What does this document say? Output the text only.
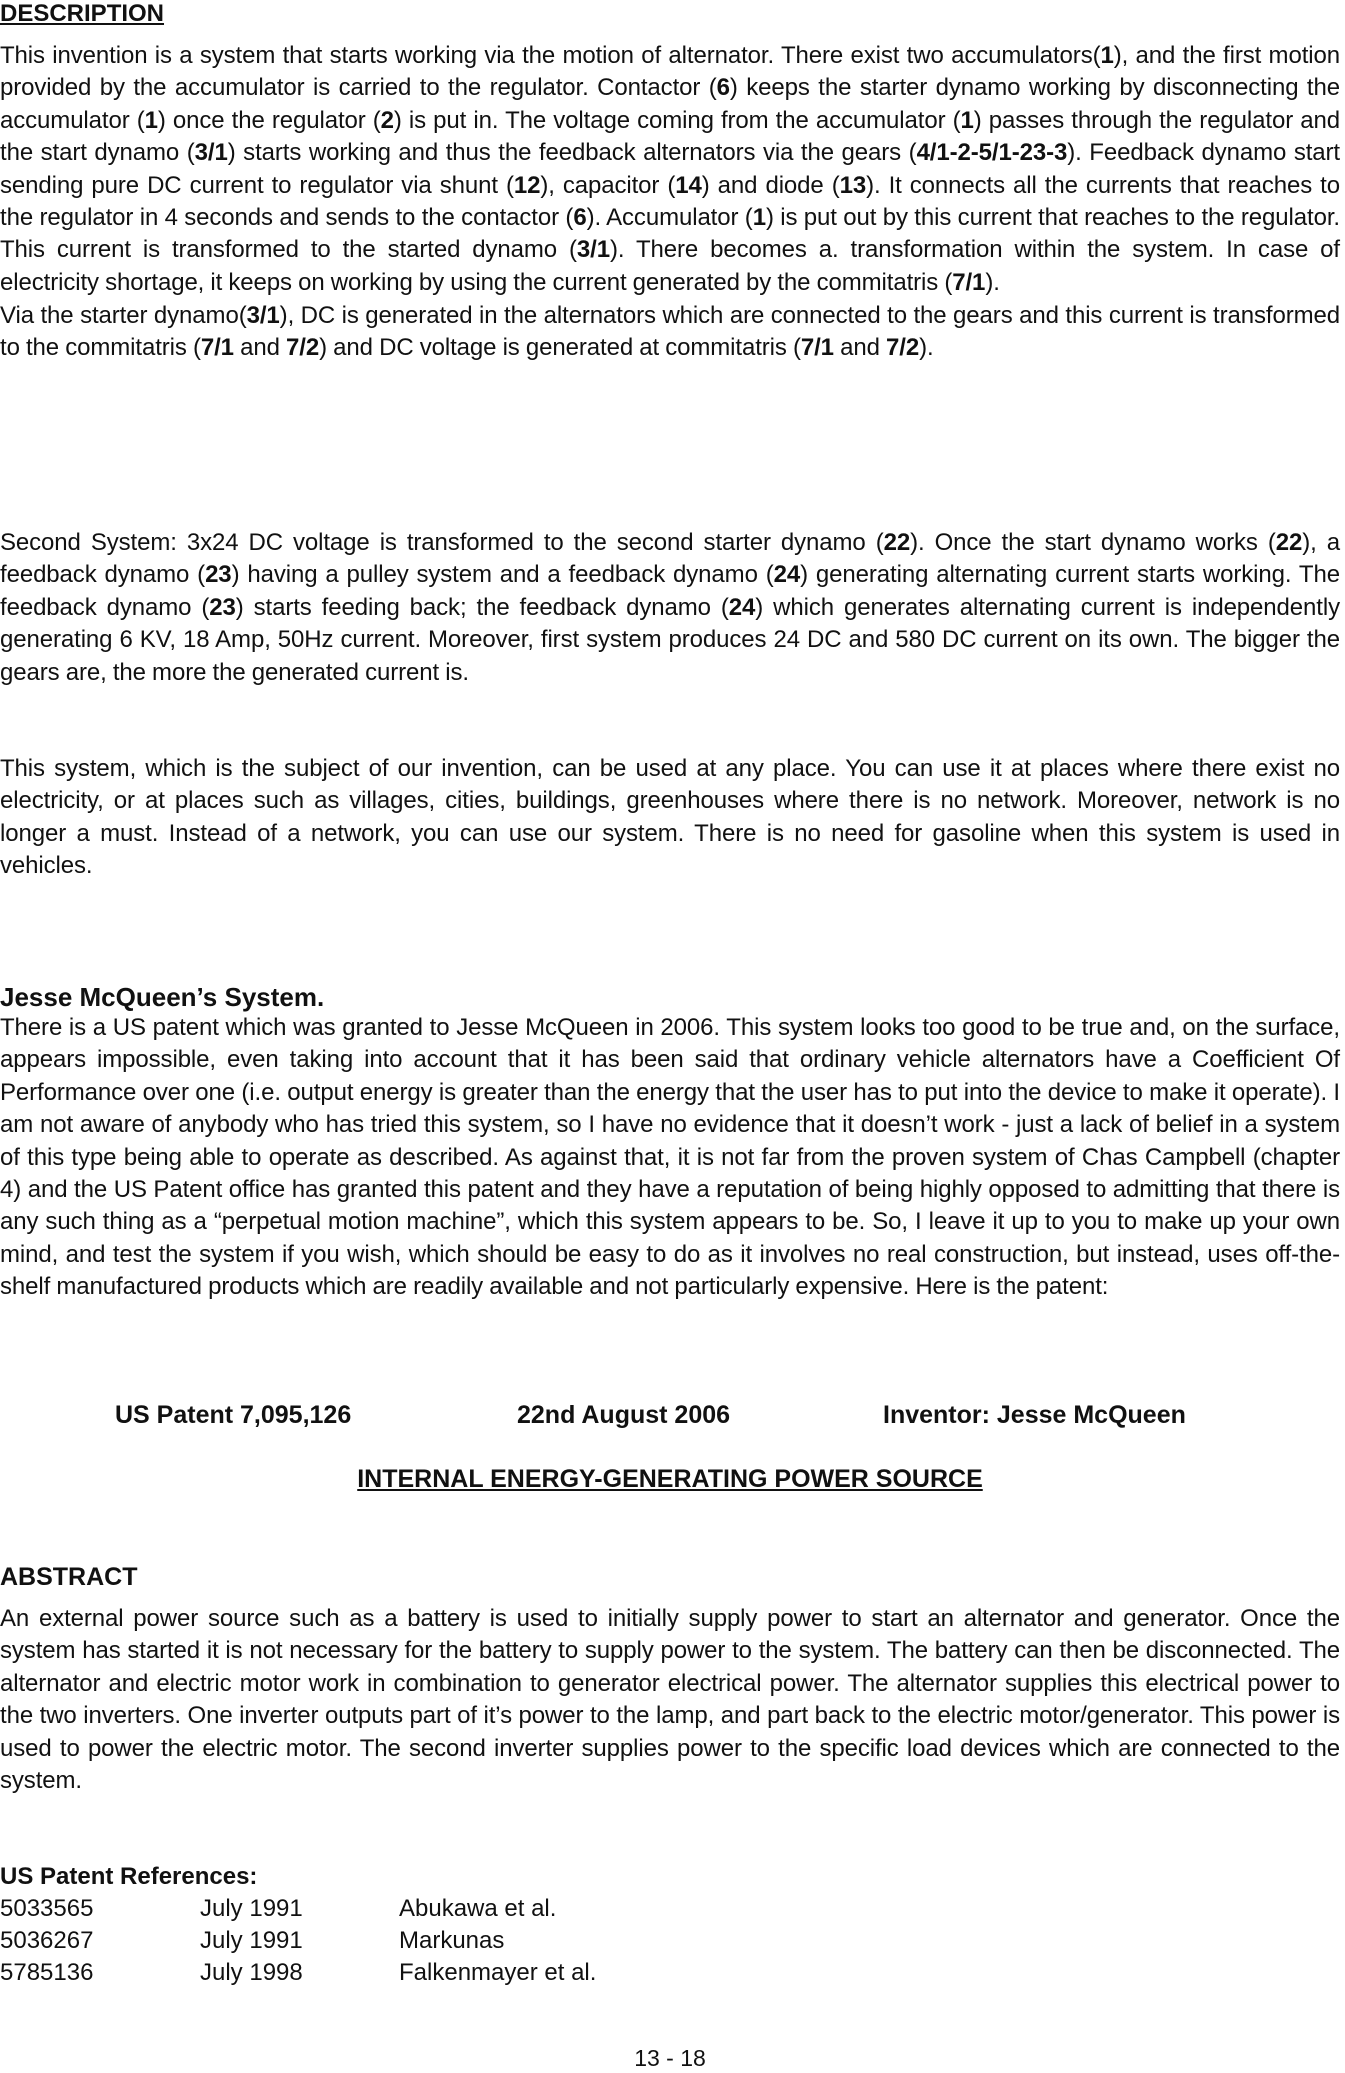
DESCRIPTION

This invention is a system that starts working via the motion of alternator. There exist two accumulators(1), and the first motion provided by the accumulator is carried to the regulator. Contactor (6) keeps the starter dynamo working by disconnecting the accumulator (1) once the regulator (2) is put in. The voltage coming from the accumulator (1) passes through the regulator and the start dynamo (3/1) starts working and thus the feedback alternators via the gears (4/1-2-5/1-23-3). Feedback dynamo start sending pure DC current to regulator via shunt (12), capacitor (14) and diode (13). It connects all the currents that reaches to the regulator in 4 seconds and sends to the contactor (6). Accumulator (1) is put out by this current that reaches to the regulator. This current is transformed to the started dynamo (3/1). There becomes a. transformation within the system. In case of electricity shortage, it keeps on working by using the current generated by the commitatris (7/1).

Via the starter dynamo(3/1), DC is generated in the alternators which are connected to the gears and this current is transformed to the commitatris (7/1 and 7/2) and DC voltage is generated at commitatris (7/1 and 7/2).

Second System: 3x24 DC voltage is transformed to the second starter dynamo (22). Once the start dynamo works (22), a feedback dynamo (23) having a pulley system and a feedback dynamo (24) generating alternating current starts working. The feedback dynamo (23) starts feeding back; the feedback dynamo (24) which generates alternating current is independently generating 6 KV, 18 Amp, 50Hz current. Moreover, first system produces 24 DC and 580 DC current on its own. The bigger the gears are, the more the generated current is.

This system, which is the subject of our invention, can be used at any place. You can use it at places where there exist no electricity, or at places such as villages, cities, buildings, greenhouses where there is no network. Moreover, network is no longer a must. Instead of a network, you can use our system. There is no need for gasoline when this system is used in vehicles.

Jesse McQueen’s System.

There is a US patent which was granted to Jesse McQueen in 2006. This system looks too good to be true and, on the surface, appears impossible, even taking into account that it has been said that ordinary vehicle alternators have a Coefficient Of Performance over one (i.e. output energy is greater than the energy that the user has to put into the device to make it operate). I am not aware of anybody who has tried this system, so I have no evidence that it doesn’t work - just a lack of belief in a system of this type being able to operate as described. As against that, it is not far from the proven system of Chas Campbell (chapter 4) and the US Patent office has granted this patent and they have a reputation of being highly opposed to admitting that there is any such thing as a “perpetual motion machine”, which this system appears to be. So, I leave it up to you to make up your own mind, and test the system if you wish, which should be easy to do as it involves no real construction, but instead, uses off-the-shelf manufactured products which are readily available and not particularly expensive. Here is the patent:

US Patent 7,095,126	22nd August 2006	Inventor: Jesse McQueen
INTERNAL ENERGY-GENERATING POWER SOURCE
ABSTRACT

An external power source such as a battery is used to initially supply power to start an alternator and generator. Once the system has started it is not necessary for the battery to supply power to the system. The battery can then be disconnected. The alternator and electric motor work in combination to generator electrical power. The alternator supplies this electrical power to the two inverters. One inverter outputs part of it’s power to the lamp, and part back to the electric motor/generator. This power is used to power the electric motor. The second inverter supplies power to the specific load devices which are connected to the system.

US Patent References:
5033565	July 1991	Abukawa et al.
5036267	July 1991	Markunas
5785136	July 1998	Falkenmayer et al.
13 - 18
